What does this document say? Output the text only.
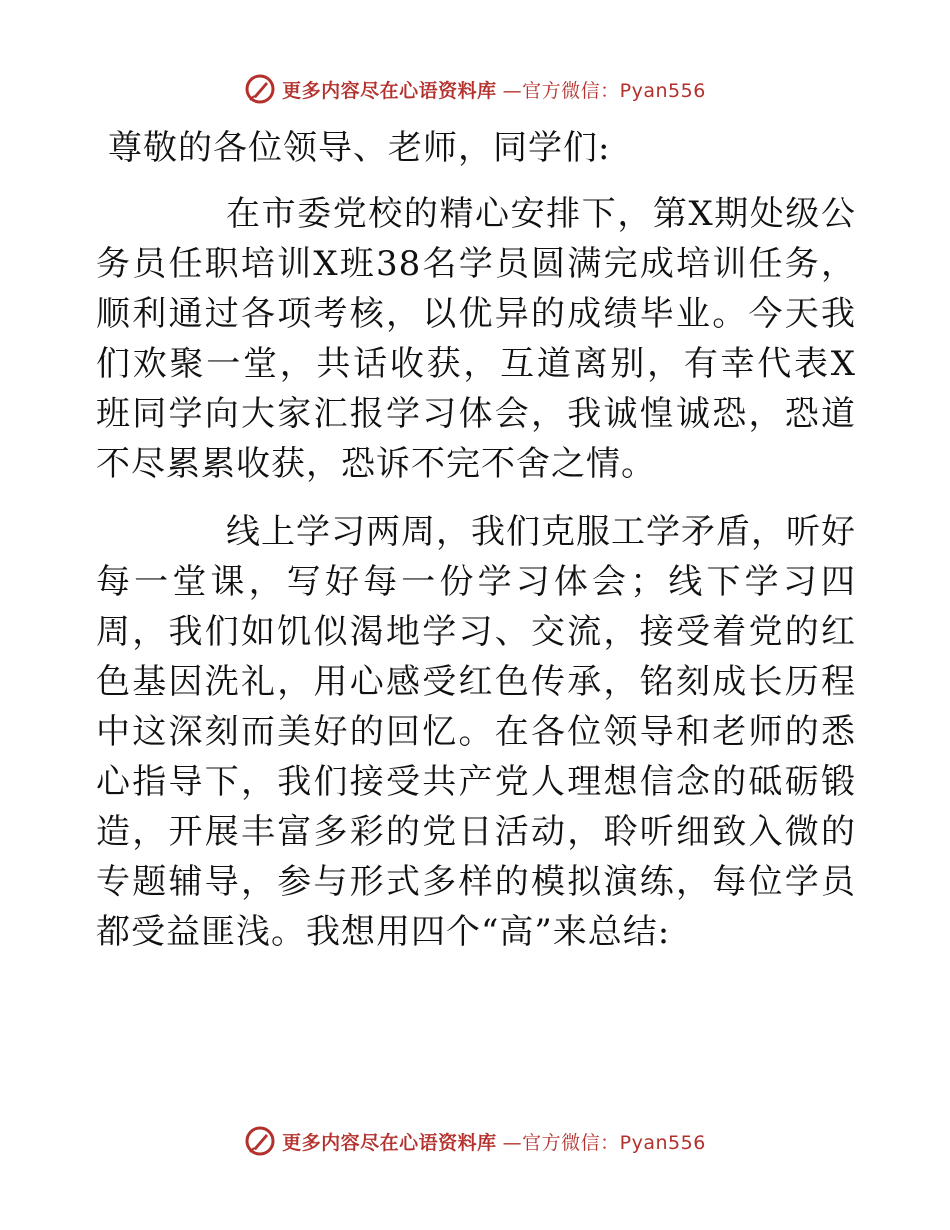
更多内容尽在心语资料库 —官方微信：Pyan556
尊敬的各位领导、老师，同学们:

在市委党校的精心安排下，第X期处级公务员任职培训X班38名学员圆满完成培训任务，顺利通过各项考核，以优异的成绩毕业。今天我们欢聚一堂，共话收获，互道离别，有幸代表X班同学向大家汇报学习体会，我诚惶诚恐，恐道不尽累累收获，恐诉不完不舍之情。

线上学习两周，我们克服工学矛盾，听好每一堂课，写好每一份学习体会；线下学习四周，我们如饥似渴地学习、交流，接受着党的红色基因洗礼，用心感受红色传承，铭刻成长历程中这深刻而美好的回忆。在各位领导和老师的悉心指导下，我们接受共产党人理想信念的砥砺锻造，开展丰富多彩的党日活动，聆听细致入微的专题辅导，参与形式多样的模拟演练，每位学员都受益匪浅。我想用四个“高”来总结:

更多内容尽在心语资料库 —官方微信：Pyan556
